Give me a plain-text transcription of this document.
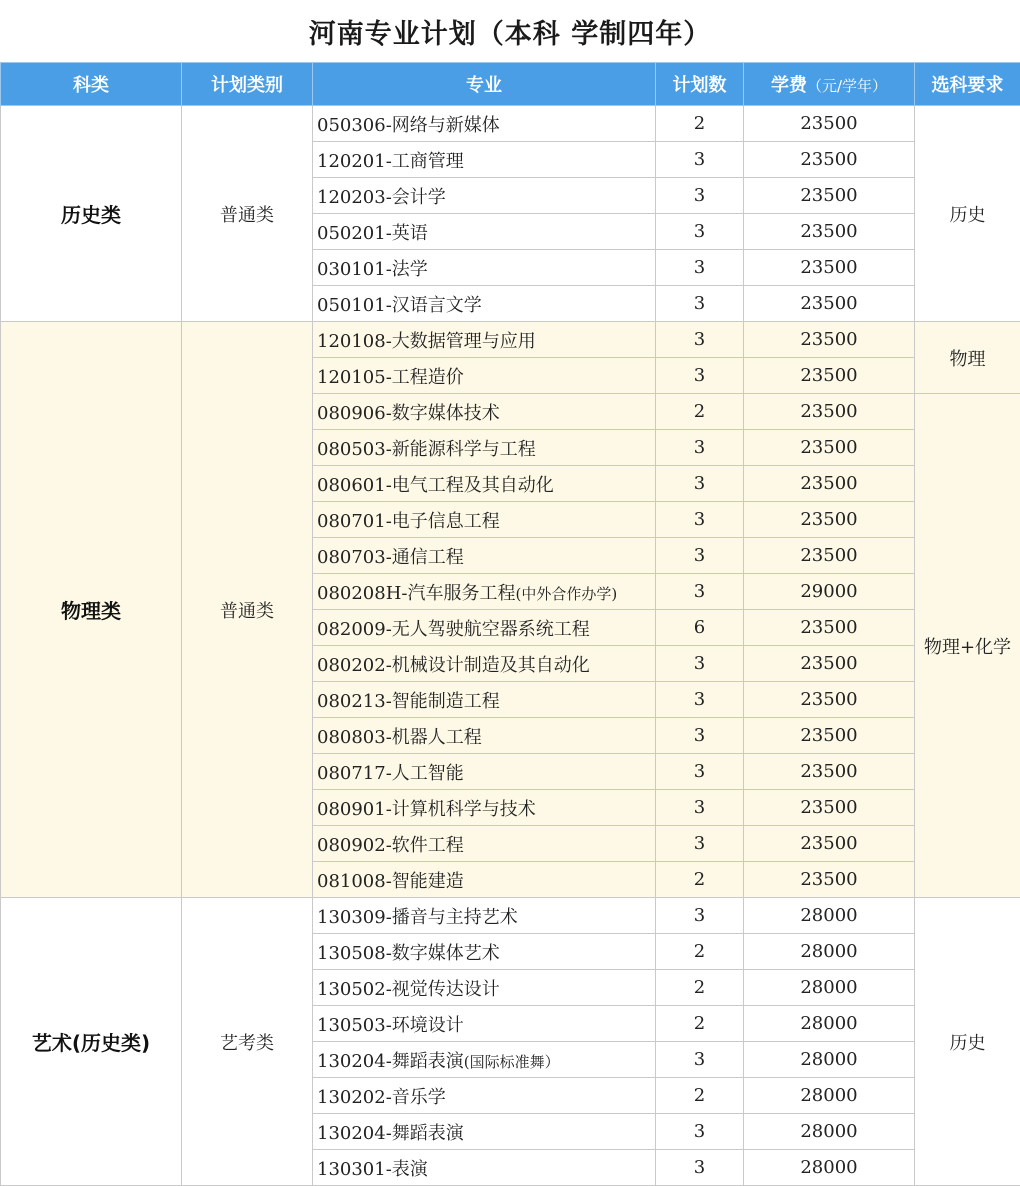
河南专业计划（本科 学制四年）
科类	计划类别	专业	计划数	学费（元/学年）	选科要求
历史类	普通类	050306-网络与新媒体	2	23500	历史
		120201-工商管理	3	23500	
		120203-会计学	3	23500	
		050201-英语	3	23500	
		030101-法学	3	23500	
		050101-汉语言文学	3	23500	
物理类	普通类	120108-大数据管理与应用	3	23500	物理
		120105-工程造价	3	23500	
		080906-数字媒体技术	2	23500	物理+化学
		080503-新能源科学与工程	3	23500	
		080601-电气工程及其自动化	3	23500	
		080701-电子信息工程	3	23500	
		080703-通信工程	3	23500	
		080208H-汽车服务工程(中外合作办学)	3	29000	
		082009-无人驾驶航空器系统工程	6	23500	
		080202-机械设计制造及其自动化	3	23500	
		080213-智能制造工程	3	23500	
		080803-机器人工程	3	23500	
		080717-人工智能	3	23500	
		080901-计算机科学与技术	3	23500	
		080902-软件工程	3	23500	
		081008-智能建造	2	23500	
艺术(历史类)	艺考类	130309-播音与主持艺术	3	28000	历史
		130508-数字媒体艺术	2	28000	
		130502-视觉传达设计	2	28000	
		130503-环境设计	2	28000	
		130204-舞蹈表演(国际标准舞）	3	28000	
		130202-音乐学	2	28000	
		130204-舞蹈表演	3	28000	
		130301-表演	3	28000	
